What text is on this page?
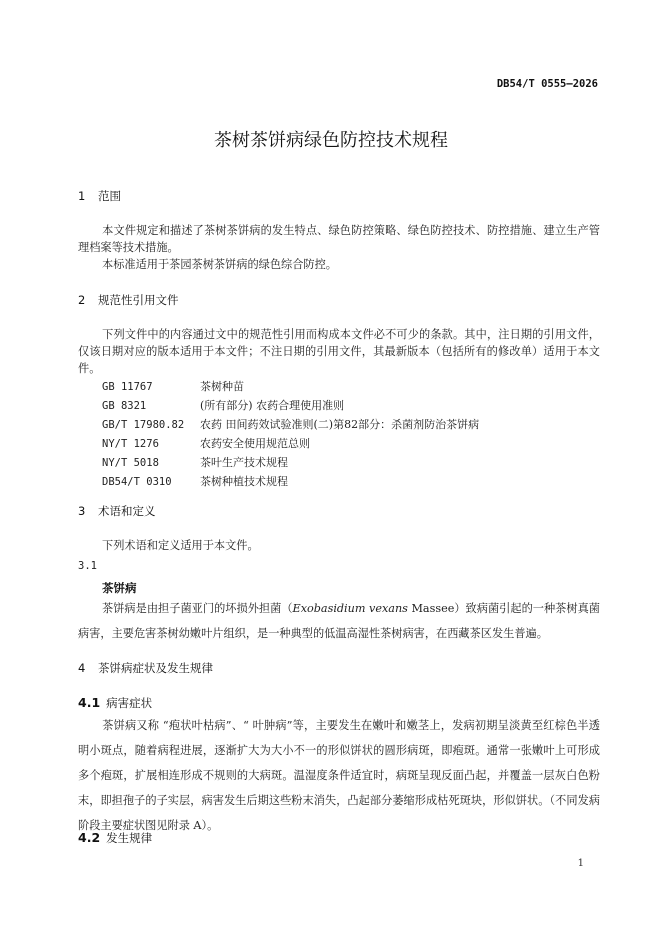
DB54/T 0555—2026
茶树茶饼病绿色防控技术规程
1 范围
本文件规定和描述了茶树茶饼病的发生特点、绿色防控策略、绿色防控技术、防控措施、建立生产管理档案等技术措施。
本标准适用于茶园茶树茶饼病的绿色综合防控。
2 规范性引用文件
下列文件中的内容通过文中的规范性引用而构成本文件必不可少的条款。其中，注日期的引用文件，仅该日期对应的版本适用于本文件；不注日期的引用文件，其最新版本（包括所有的修改单）适用于本文件。
GB 11767	茶树种苗
GB 8321	(所有部分) 农药合理使用准则
GB/T 17980.82 农药 田间药效试验准则(二)第82部分：杀菌剂防治茶饼病
NY/T 1276	农药安全使用规范总则
NY/T 5018	茶叶生产技术规程
DB54/T 0310	茶树种植技术规程
3 术语和定义
下列术语和定义适用于本文件。
3.1
茶饼病
茶饼病是由担子菌亚门的坏损外担菌（Exobasidium vexans Massee）致病菌引起的一种茶树真菌病害，主要危害茶树幼嫩叶片组织，是一种典型的低温高湿性茶树病害，在西藏茶区发生普遍。
4 茶饼病症状及发生规律
4.1 病害症状
茶饼病又称 “疱状叶枯病”、“ 叶肿病”等，主要发生在嫩叶和嫩茎上，发病初期呈淡黄至红棕色半透明小斑点，随着病程进展，逐渐扩大为大小不一的形似饼状的圆形病斑，即疱斑。通常一张嫩叶上可形成多个疱斑，扩展相连形成不规则的大病斑。温湿度条件适宜时，病斑呈现反面凸起，并覆盖一层灰白色粉末，即担孢子的子实层，病害发生后期这些粉末消失，凸起部分萎缩形成枯死斑块，形似饼状。（不同发病阶段主要症状图见附录 A）。
4.2 发生规律
1
